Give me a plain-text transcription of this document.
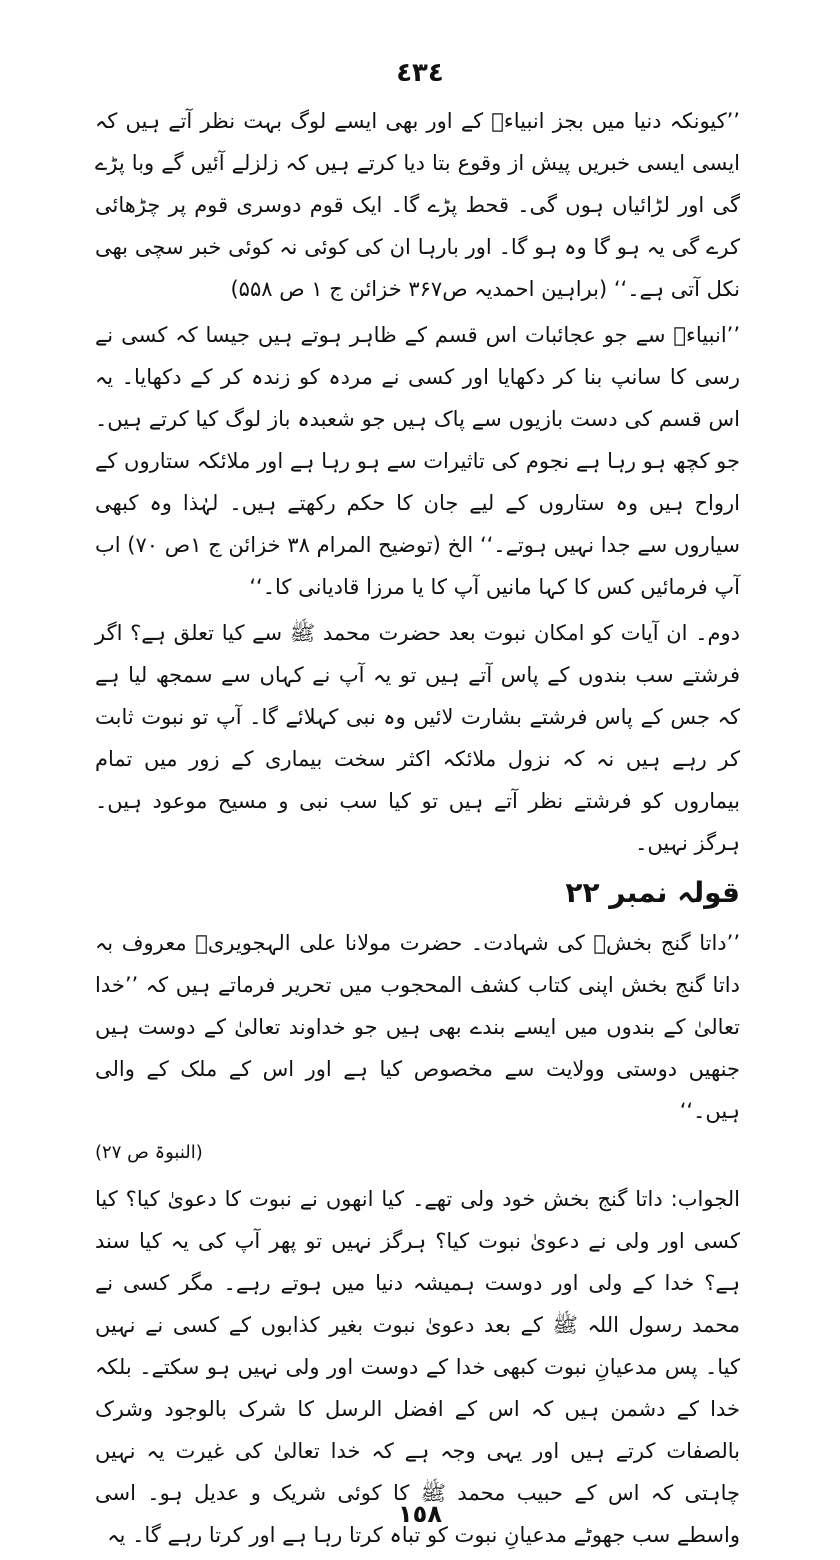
٤٣٤

’’کیونکہ دنیا میں بجز انبیاءؑ کے اور بھی ایسے لوگ بہت نظر آتے ہیں کہ ایسی ایسی خبریں پیش از وقوع بتا دیا کرتے ہیں کہ زلزلے آئیں گے وبا پڑے گی اور لڑائیاں ہوں گی۔ قحط پڑے گا۔ ایک قوم دوسری قوم پر چڑھائی کرے گی یہ ہو گا وہ ہو گا۔ اور بارہا ان کی کوئی نہ کوئی خبر سچی بھی نکل آتی ہے۔‘‘ (براہین احمدیہ ص۳۶۷ خزائن ج ۱ ص ۵۵۸)

’’انبیاءؑ سے جو عجائبات اس قسم کے ظاہر ہوتے ہیں جیسا کہ کسی نے رسی کا سانپ بنا کر دکھایا اور کسی نے مردہ کو زندہ کر کے دکھایا۔ یہ اس قسم کی دست بازیوں سے پاک ہیں جو شعبدہ باز لوگ کیا کرتے ہیں۔ جو کچھ ہو رہا ہے نجوم کی تاثیرات سے ہو رہا ہے اور ملائکہ ستاروں کے ارواح ہیں وہ ستاروں کے لیے جان کا حکم رکھتے ہیں۔ لہٰذا وہ کبھی سیاروں سے جدا نہیں ہوتے۔‘‘ الخ (توضیح المرام ۳۸ خزائن ج ۱ص ۷۰) اب آپ فرمائیں کس کا کہا مانیں آپ کا یا مرزا قادیانی کا۔‘‘

دوم۔ ان آیات کو امکان نبوت بعد حضرت محمد ﷺ سے کیا تعلق ہے؟ اگر فرشتے سب بندوں کے پاس آتے ہیں تو یہ آپ نے کہاں سے سمجھ لیا ہے کہ جس کے پاس فرشتے بشارت لائیں وہ نبی کہلائے گا۔ آپ تو نبوت ثابت کر رہے ہیں نہ کہ نزول ملائکہ اکثر سخت بیماری کے زور میں تمام بیماروں کو فرشتے نظر آتے ہیں تو کیا سب نبی و مسیح موعود ہیں۔ ہرگز نہیں۔

قولہ نمبر ۲۲

’’داتا گنج بخشؒ کی شہادت۔ حضرت مولانا علی الہجویریؒ معروف بہ داتا گنج بخش اپنی کتاب کشف المحجوب میں تحریر فرماتے ہیں کہ ’’خدا تعالیٰ کے بندوں میں ایسے بندے بھی ہیں جو خداوند تعالیٰ کے دوست ہیں جنھیں دوستی وولایت سے مخصوص کیا ہے اور اس کے ملک کے والی ہیں۔‘‘
(النبوۃ ص ۲۷)

الجواب: داتا گنج بخش خود ولی تھے۔ کیا انھوں نے نبوت کا دعویٰ کیا؟ کیا کسی اور ولی نے دعویٰ نبوت کیا؟ ہرگز نہیں تو پھر آپ کی یہ کیا سند ہے؟ خدا کے ولی اور دوست ہمیشہ دنیا میں ہوتے رہے۔ مگر کسی نے محمد رسول اللہ ﷺ کے بعد دعویٰ نبوت بغیر کذابوں کے کسی نے نہیں کیا۔ پس مدعیانِ نبوت کبھی خدا کے دوست اور ولی نہیں ہو سکتے۔ بلکہ خدا کے دشمن ہیں کہ اس کے افضل الرسل کا شرک بالوجود وشرک بالصفات کرتے ہیں اور یہی وجہ ہے کہ خدا تعالیٰ کی غیرت یہ نہیں چاہتی کہ اس کے حبیب محمد ﷺ کا کوئی شریک و عدیل ہو۔ اسی واسطے سب جھوٹے مدعیانِ نبوت کو تباہ کرتا رہا ہے اور کرتا رہے گا۔ یہ

١٥٨
